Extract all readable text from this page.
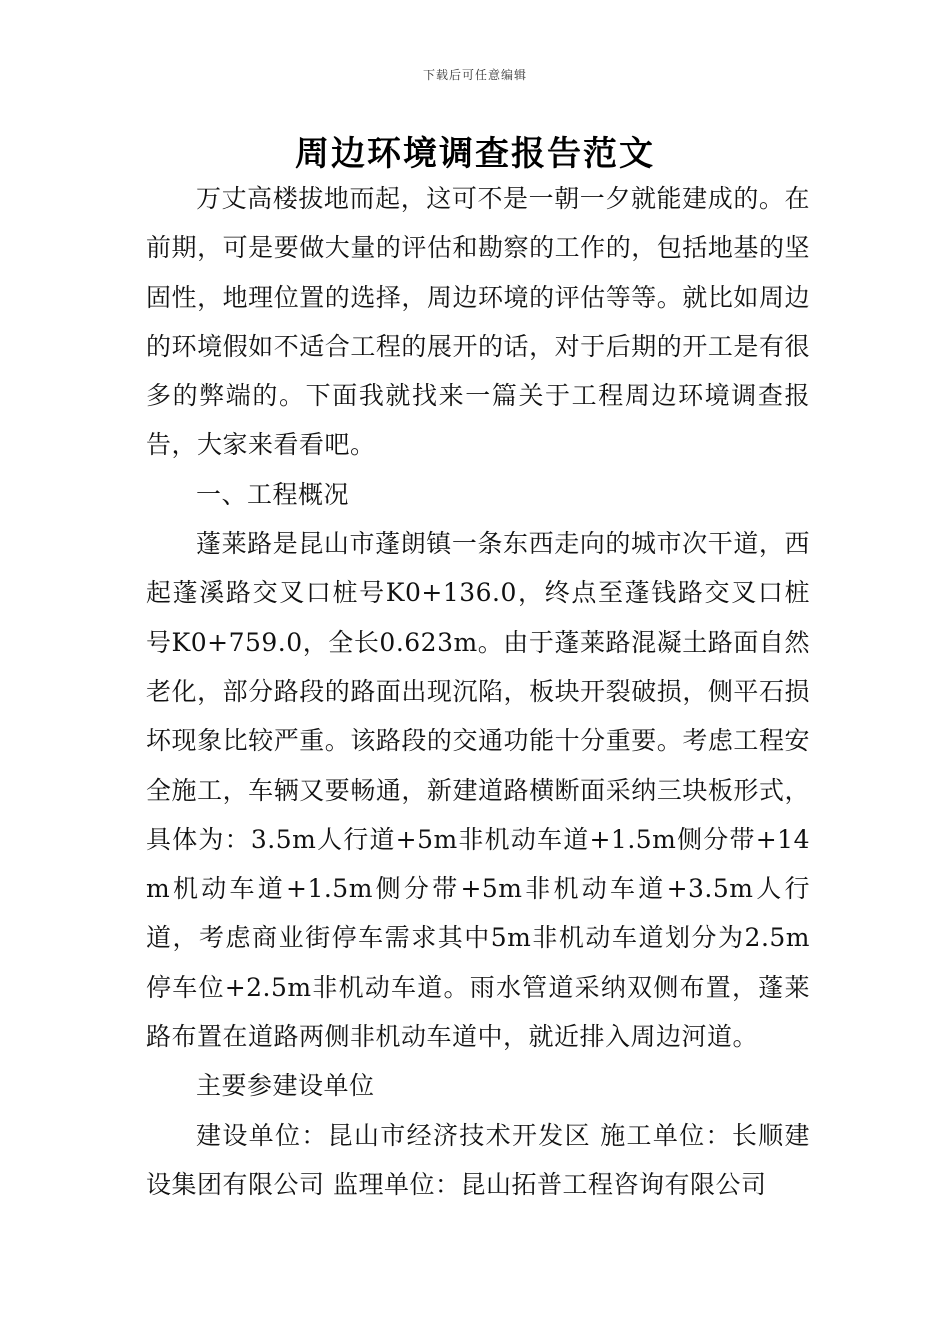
下载后可任意编辑
周边环境调查报告范文

万丈高楼拔地而起，这可不是一朝一夕就能建成的。在前期，可是要做大量的评估和勘察的工作的，包括地基的坚固性，地理位置的选择，周边环境的评估等等。就比如周边的环境假如不适合工程的展开的话，对于后期的开工是有很多的弊端的。下面我就找来一篇关于工程周边环境调查报告，大家来看看吧。

一、工程概况

蓬莱路是昆山市蓬朗镇一条东西走向的城市次干道，西起蓬溪路交叉口桩号K0+136.0，终点至蓬钱路交叉口桩号K0+759.0，全长0.623m。由于蓬莱路混凝土路面自然老化，部分路段的路面出现沉陷，板块开裂破损，侧平石损坏现象比较严重。该路段的交通功能十分重要。考虑工程安全施工，车辆又要畅通，新建道路横断面采纳三块板形式，具体为：3.5m人行道+5m非机动车道+1.5m侧分带+14m机动车道+1.5m侧分带+5m非机动车道+3.5m人行道，考虑商业街停车需求其中5m非机动车道划分为2.5m停车位+2.5m非机动车道。雨水管道采纳双侧布置，蓬莱路布置在道路两侧非机动车道中，就近排入周边河道。

主要参建设单位

建设单位：昆山市经济技术开发区 施工单位：长顺建设集团有限公司 监理单位：昆山拓普工程咨询有限公司
